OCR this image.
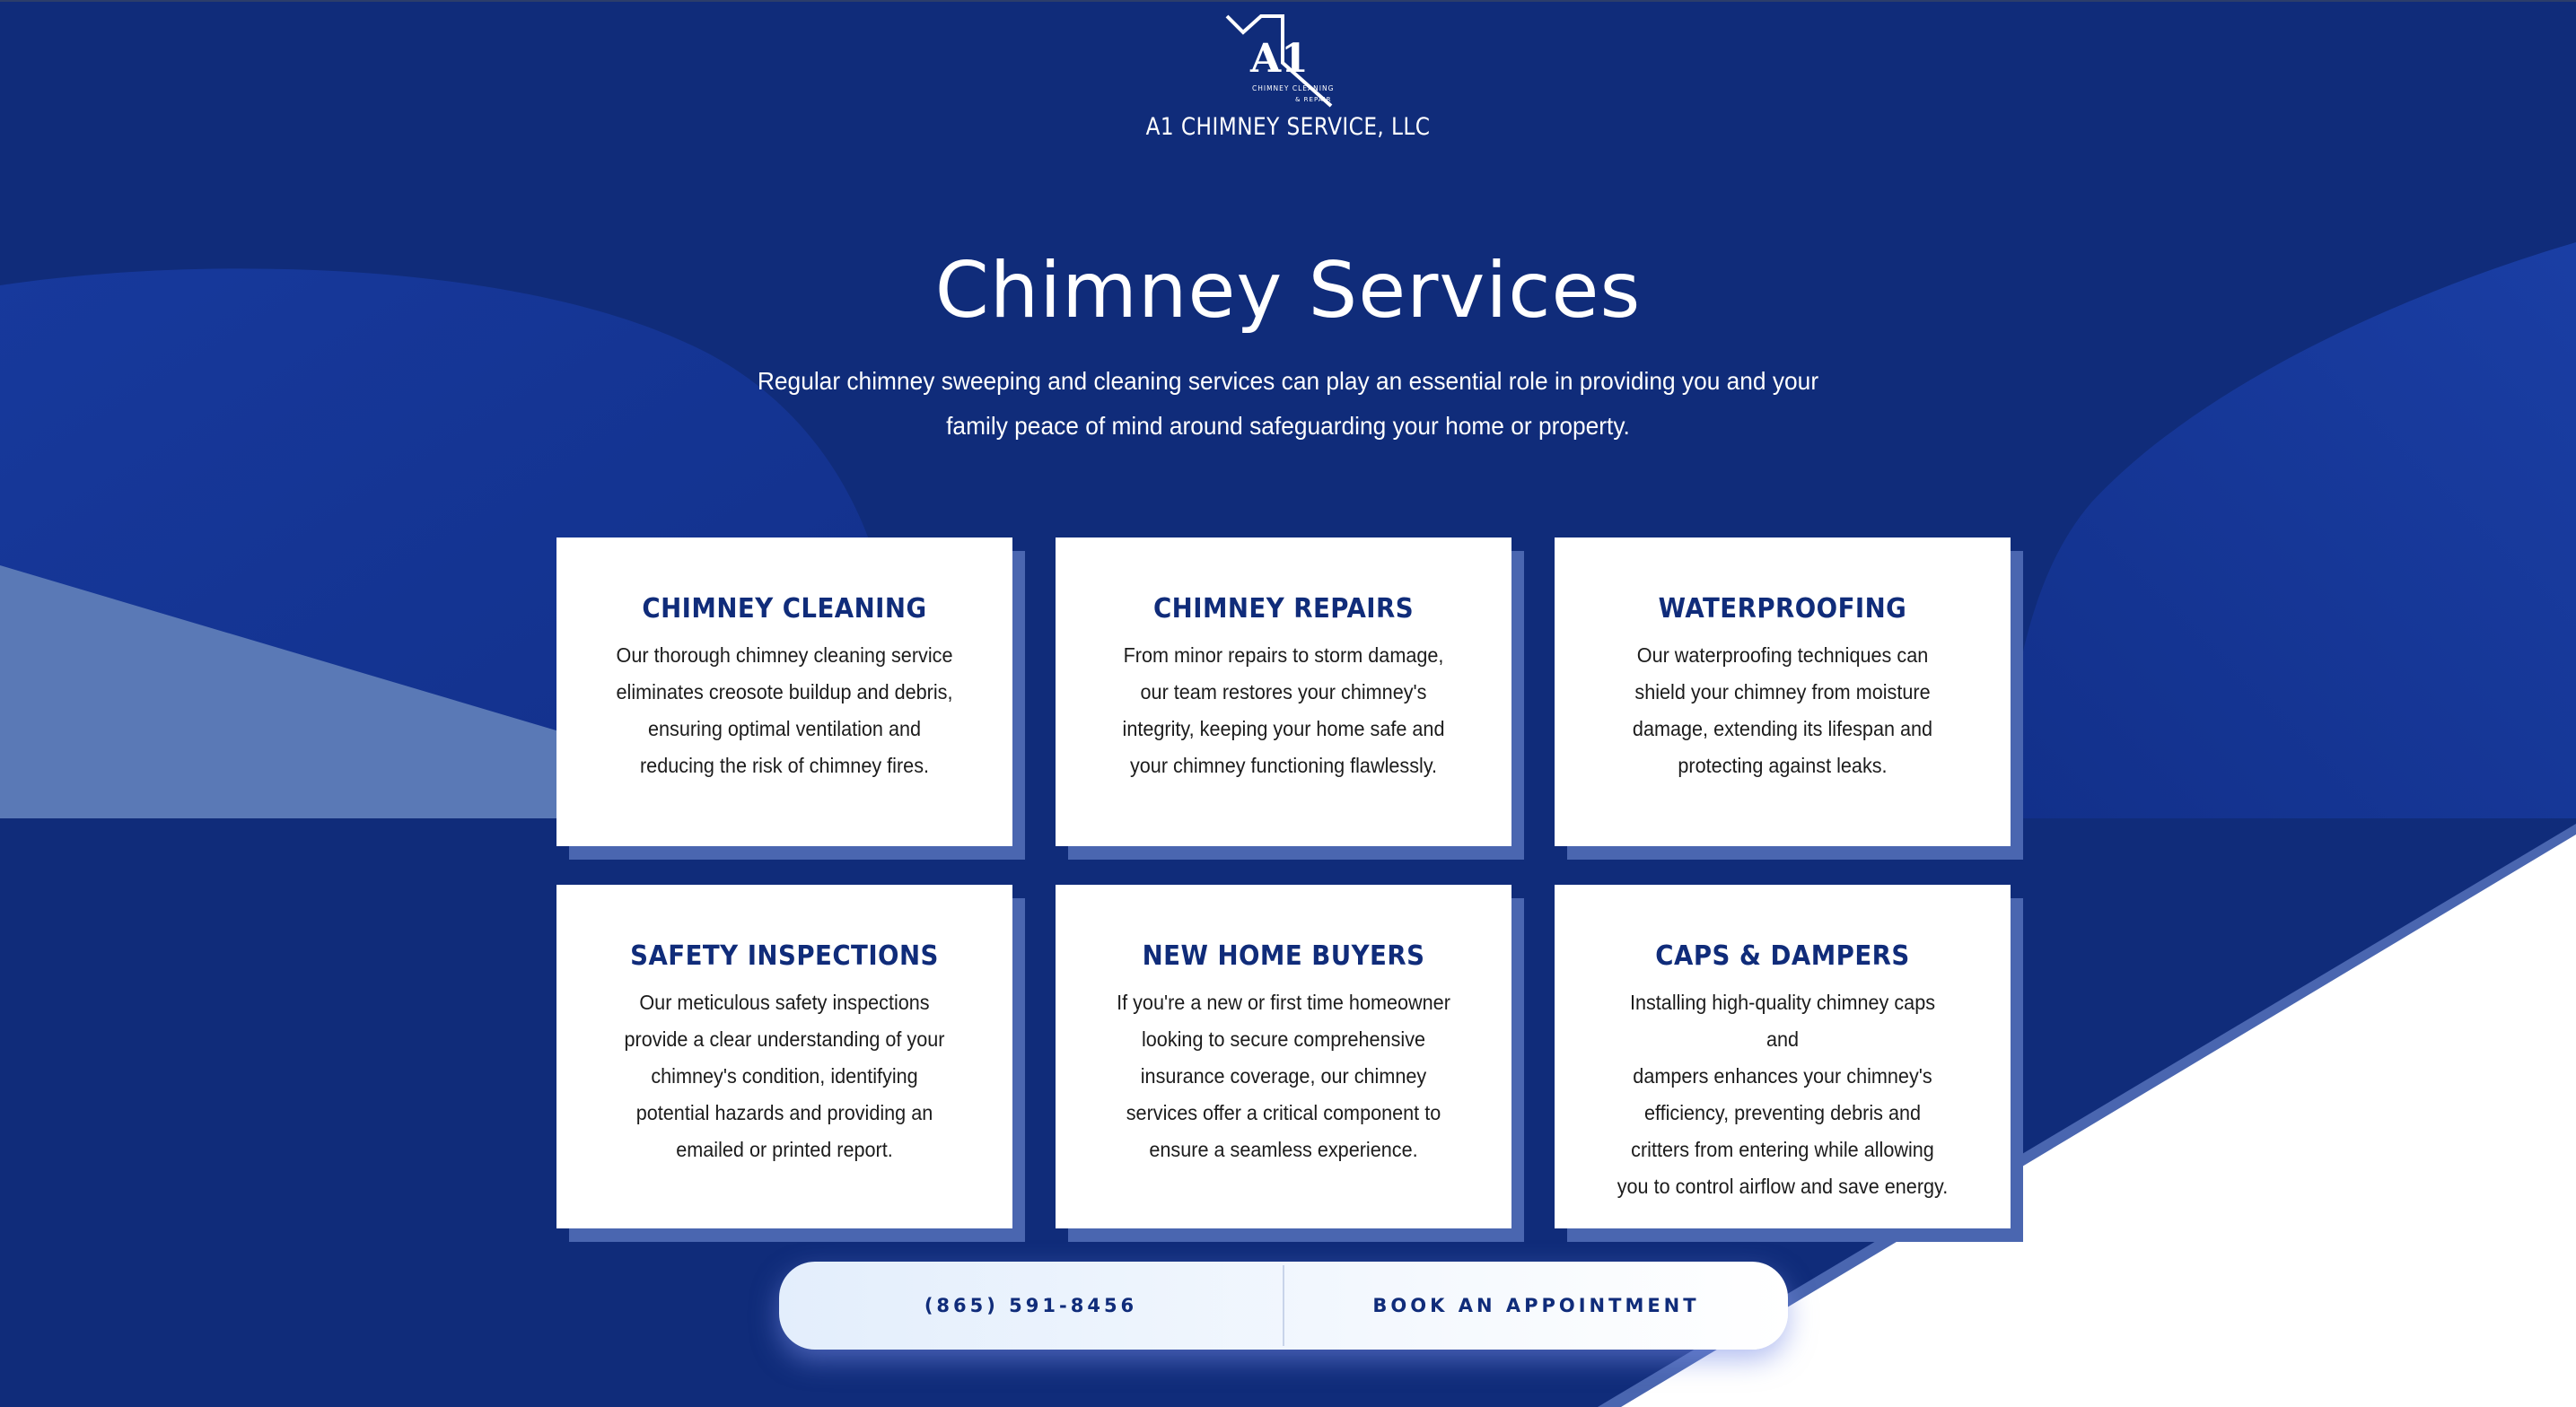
A1
CHIMNEY CLEANING
& REPAIR
A1 CHIMNEY SERVICE, LLC
Chimney Services
Regular chimney sweeping and cleaning services can play an essential role in providing you and your
family peace of mind around safeguarding your home or property.
CHIMNEY CLEANING
Our thorough chimney cleaning service
eliminates creosote buildup and debris,
ensuring optimal ventilation and
reducing the risk of chimney fires.
CHIMNEY REPAIRS
From minor repairs to storm damage,
our team restores your chimney's
integrity, keeping your home safe and
your chimney functioning flawlessly.
WATERPROOFING
Our waterproofing techniques can
shield your chimney from moisture
damage, extending its lifespan and
protecting against leaks.
SAFETY INSPECTIONS
Our meticulous safety inspections
provide a clear understanding of your
chimney's condition, identifying
potential hazards and providing an
emailed or printed report.
NEW HOME BUYERS
If you're a new or first time homeowner
looking to secure comprehensive
insurance coverage, our chimney
services offer a critical component to
ensure a seamless experience.
CAPS & DAMPERS
Installing high-quality chimney caps and
dampers enhances your chimney's
efficiency, preventing debris and
critters from entering while allowing
you to control airflow and save energy.
(865) 591-8456	BOOK AN APPOINTMENT
